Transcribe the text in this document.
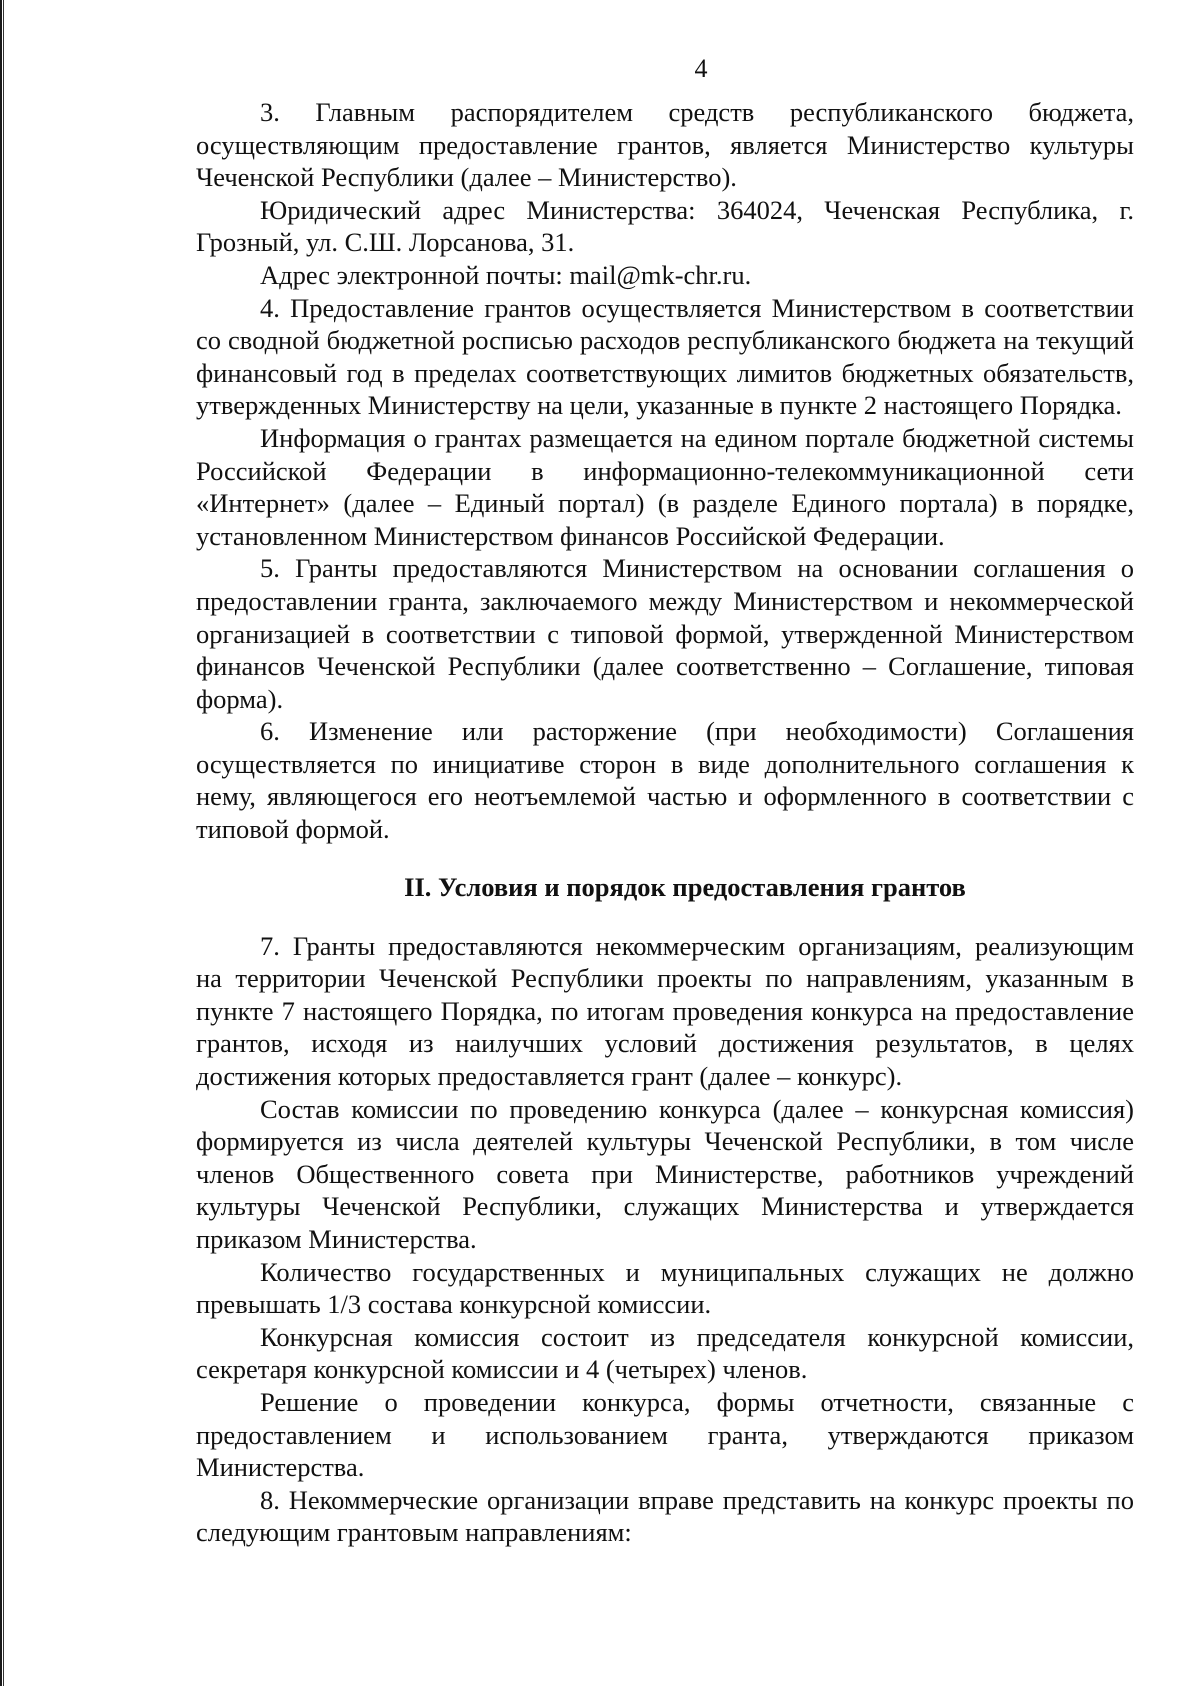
4

3. Главным распорядителем средств республиканского бюджета, осуществляющим предоставление грантов, является Министерство культуры Чеченской Республики (далее – Министерство).

Юридический адрес Министерства: 364024, Чеченская Республика, г. Грозный, ул. С.Ш. Лорсанова, 31.

Адрес электронной почты: mail@mk-chr.ru.

4. Предоставление грантов осуществляется Министерством в соответствии со сводной бюджетной росписью расходов республиканского бюджета на текущий финансовый год в пределах соответствующих лимитов бюджетных обязательств, утвержденных Министерству на цели, указанные в пункте 2 настоящего Порядка.

Информация о грантах размещается на едином портале бюджетной системы Российской Федерации в информационно-телекоммуникационной сети «Интернет» (далее – Единый портал) (в разделе Единого портала) в порядке, установленном Министерством финансов Российской Федерации.

5. Гранты предоставляются Министерством на основании соглашения о предоставлении гранта, заключаемого между Министерством и некоммерческой организацией в соответствии с типовой формой, утвержденной Министерством финансов Чеченской Республики (далее соответственно – Соглашение, типовая форма).

6. Изменение или расторжение (при необходимости) Соглашения осуществляется по инициативе сторон в виде дополнительного соглашения к нему, являющегося его неотъемлемой частью и оформленного в соответствии с типовой формой.

II. Условия и порядок предоставления грантов

7. Гранты предоставляются некоммерческим организациям, реализующим на территории Чеченской Республики проекты по направлениям, указанным в пункте 7 настоящего Порядка, по итогам проведения конкурса на предоставление грантов, исходя из наилучших условий достижения результатов, в целях достижения которых предоставляется грант (далее – конкурс).

Состав комиссии по проведению конкурса (далее – конкурсная комиссия) формируется из числа деятелей культуры Чеченской Республики, в том числе членов Общественного совета при Министерстве, работников учреждений культуры Чеченской Республики, служащих Министерства и утверждается приказом Министерства.

Количество государственных и муниципальных служащих не должно превышать 1/3 состава конкурсной комиссии.

Конкурсная комиссия состоит из председателя конкурсной комиссии, секретаря конкурсной комиссии и 4 (четырех) членов.

Решение о проведении конкурса, формы отчетности, связанные с предоставлением и использованием гранта, утверждаются приказом Министерства.

8. Некоммерческие организации вправе представить на конкурс проекты по следующим грантовым направлениям:
